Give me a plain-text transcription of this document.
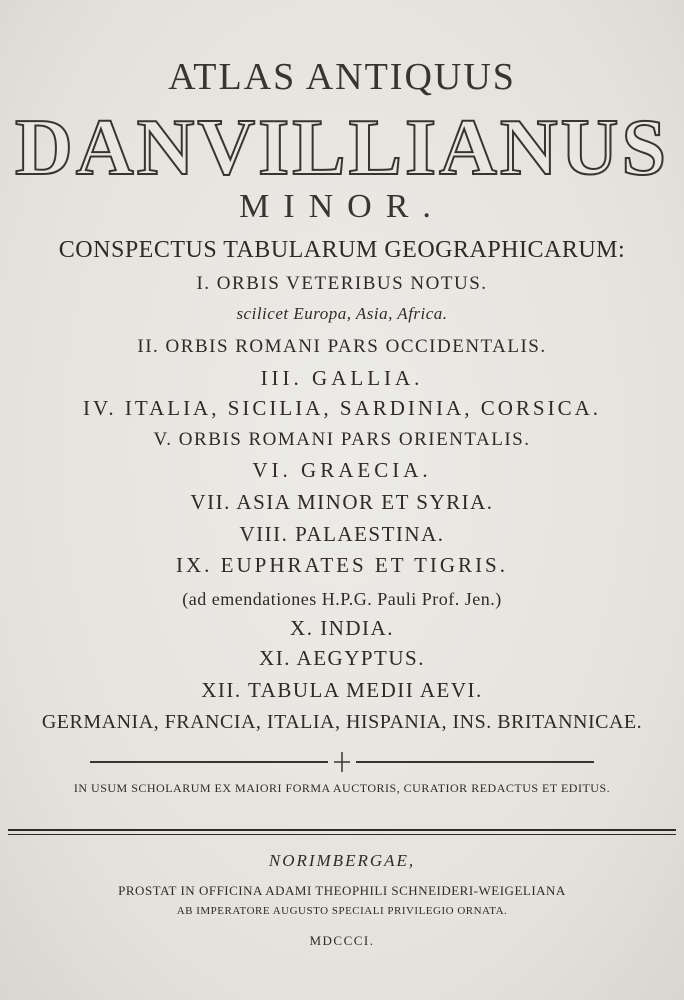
ATLAS ANTIQUUS
DANVILLIANUS
MINOR.
CONSPECTUS TABULARUM GEOGRAPHICARUM:
I. ORBIS VETERIBUS NOTUS.
scilicet Europa, Asia, Africa.
II. ORBIS ROMANI PARS OCCIDENTALIS.
III. GALLIA.
IV. ITALIA, SICILIA, SARDINIA, CORSICA.
V. ORBIS ROMANI PARS ORIENTALIS.
VI. GRAECIA.
VII. ASIA MINOR ET SYRIA.
VIII. PALAESTINA.
IX. EUPHRATES ET TIGRIS.
(ad emendationes H.P.G. Pauli Prof. Jen.)
X. INDIA.
XI. AEGYPTUS.
XII. TABULA MEDII AEVI.
GERMANIA, FRANCIA, ITALIA, HISPANIA, INS. BRITANNICAE.
IN USUM SCHOLARUM EX MAIORI FORMA AUCTORIS, CURATIOR REDACTUS ET EDITUS.
NORIMBERGAE,
PROSTAT IN OFFICINA ADAMI THEOPHILI SCHNEIDERI-WEIGELIANA
AB IMPERATORE AUGUSTO SPECIALI PRIVILEGIO ORNATA.
MDCCCI.
